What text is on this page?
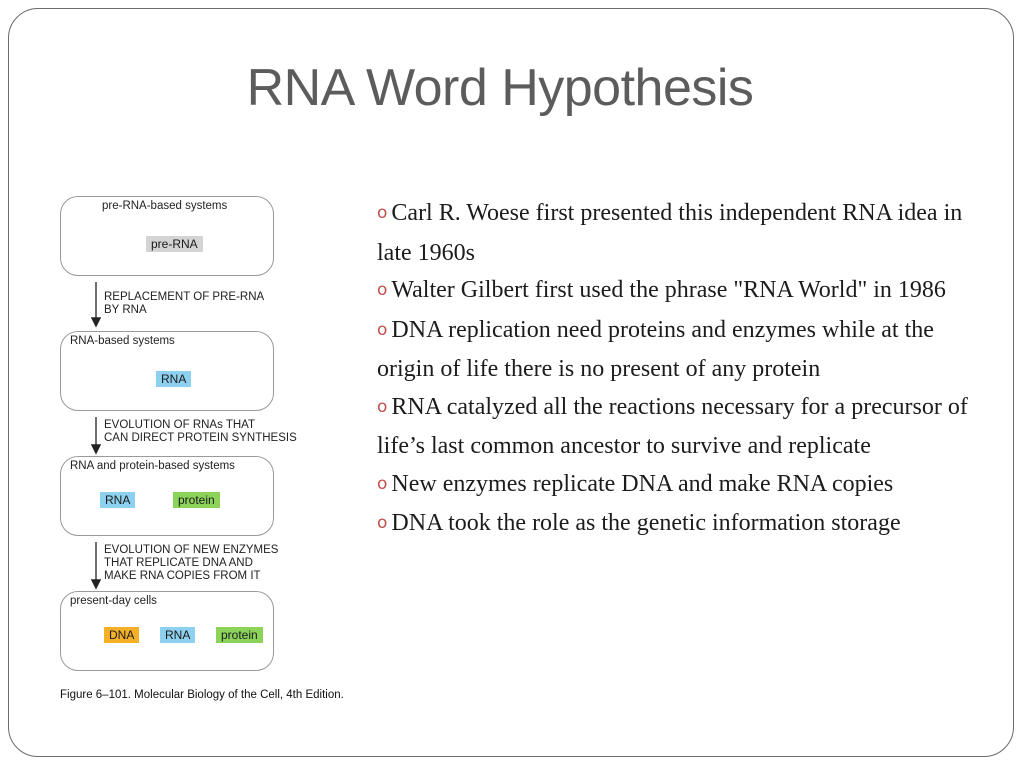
RNA Word Hypothesis
pre-RNA-based systems
pre-RNA
REPLACEMENT OF PRE-RNA
BY RNA
RNA-based systems
RNA
EVOLUTION OF RNAs THAT
CAN DIRECT PROTEIN SYNTHESIS
RNA and protein-based systems
RNA	protein
EVOLUTION OF NEW ENZYMES
THAT REPLICATE DNA AND
MAKE RNA COPIES FROM IT
present-day cells
DNA	RNA	protein
Figure 6–101. Molecular Biology of the Cell, 4th Edition.

o Carl R. Woese first presented this independent RNA idea in late 1960s

o Walter Gilbert first used the phrase "RNA World" in 1986

o DNA replication need proteins and enzymes while at the origin of life there is no present of any protein

o RNA catalyzed all the reactions necessary for a precursor of life’s last common ancestor to survive and replicate

o New enzymes replicate DNA and make RNA copies

o DNA took the role as the genetic information storage
